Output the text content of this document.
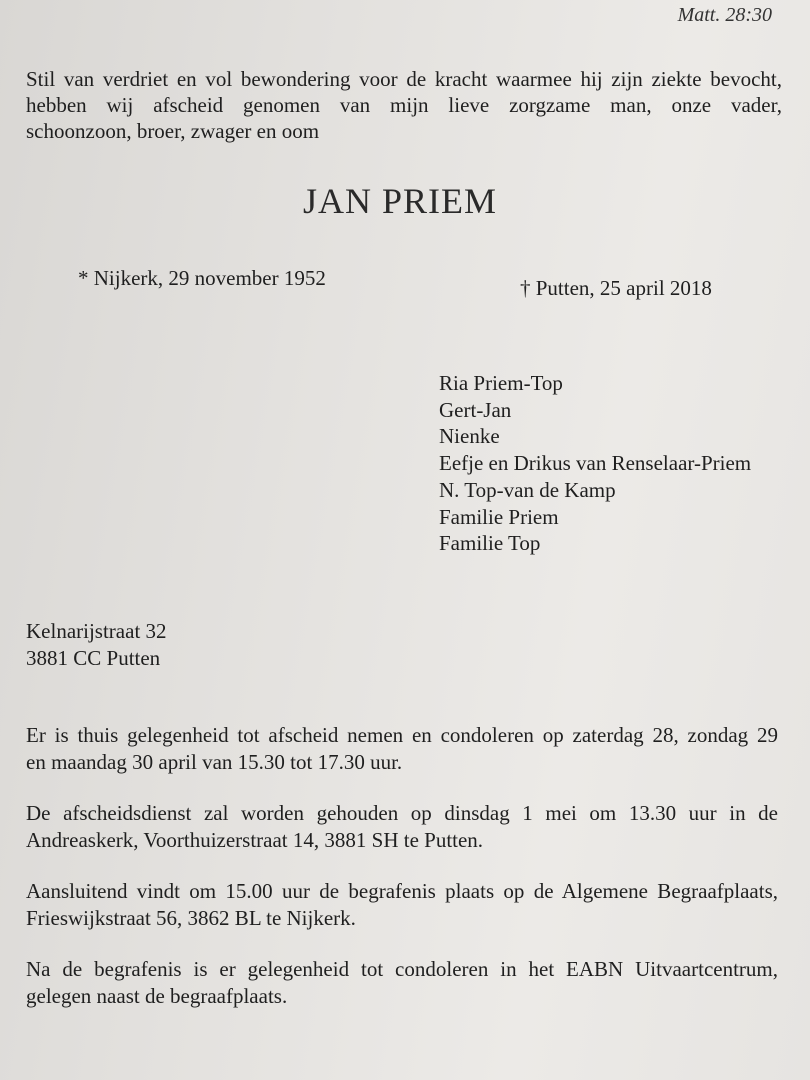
Matt. 28:30
Stil van verdriet en vol bewondering voor de kracht waarmee hij zijn ziekte bevocht,
hebben wij afscheid genomen van mijn lieve zorgzame man, onze vader,
schoonzoon, broer, zwager en oom
JAN PRIEM
* Nijkerk, 29 november 1952	† Putten, 25 april 2018
Ria Priem-Top
Gert-Jan
Nienke
Eefje en Drikus van Renselaar-Priem
N. Top-van de Kamp
Familie Priem
Familie Top
Kelnarijstraat 32
3881 CC Putten
Er is thuis gelegenheid tot afscheid nemen en condoleren op zaterdag 28, zondag 29
en maandag 30 april van 15.30 tot 17.30 uur.
De afscheidsdienst zal worden gehouden op dinsdag 1 mei om 13.30 uur in de
Andreaskerk, Voorthuizerstraat 14, 3881 SH te Putten.
Aansluitend vindt om 15.00 uur de begrafenis plaats op de Algemene Begraafplaats,
Frieswijkstraat 56, 3862 BL te Nijkerk.
Na de begrafenis is er gelegenheid tot condoleren in het EABN Uitvaartcentrum,
gelegen naast de begraafplaats.
